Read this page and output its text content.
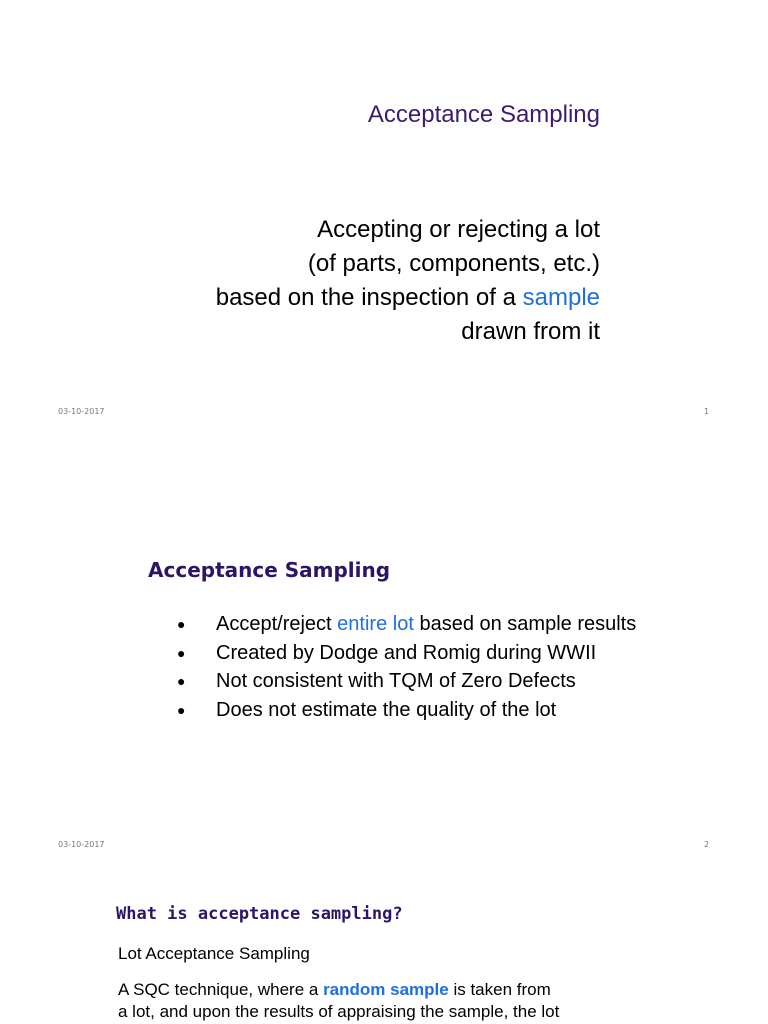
Acceptance Sampling
Accepting or rejecting a lot
(of parts, components, etc.)
based on the inspection of a sample
drawn from it
03-10-2017	1
Acceptance Sampling
●	Accept/reject entire lot based on sample results
●	Created by Dodge and Romig during WWII
●	Not consistent with TQM of Zero Defects
●	Does not estimate the quality of the lot
03-10-2017	2
What is acceptance sampling?
Lot Acceptance Sampling
A SQC technique, where a random sample is taken from
a lot, and upon the results of appraising the sample, the lot
